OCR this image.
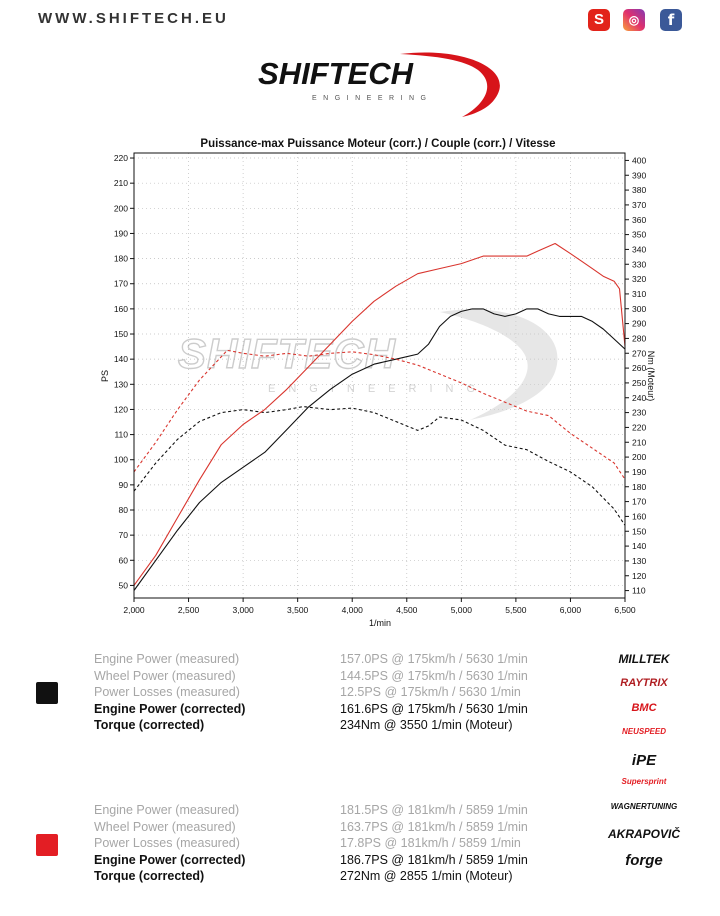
WWW.SHIFTECH.EU	S	◎	f
SHIFTECH
ENGINEERING
Puissance-max Puissance Moteur (corr.) / Couple (corr.) / Vitesse
SHIFTECH
ENGINEERING
2,000	2,500	3,000	3,500	4,000	4,500	5,000	5,500	6,000	6,500
50
60
70
80
90
100
110
120
130
140
150
160
170
180
190
200
210
220
110
120
130
140
150
160
170
180
190
200
210
220
230
240
250
260
270
280
290
300
310
320
330
340
350
360
370
380
390
400
1/min
PS	Nm (Moteur)
Engine Power (measured)	157.0PS @ 175km/h / 5630 1/min
Wheel Power (measured)	144.5PS @ 175km/h / 5630 1/min
Power Losses (measured)	12.5PS @ 175km/h / 5630 1/min
Engine Power (corrected)	161.6PS @ 175km/h / 5630 1/min
Torque (corrected)	234Nm @ 3550 1/min (Moteur)
Engine Power (measured)	181.5PS @ 181km/h / 5859 1/min
Wheel Power (measured)	163.7PS @ 181km/h / 5859 1/min
Power Losses (measured)	17.8PS @ 181km/h / 5859 1/min
Engine Power (corrected)	186.7PS @ 181km/h / 5859 1/min
Torque (corrected)	272Nm @ 2855 1/min (Moteur)
MILLTEK
RAYTRIX
BMC
NEUSPEED
iPE
Supersprint
WAGNERTUNING
AKRAPOVIČ
forge
